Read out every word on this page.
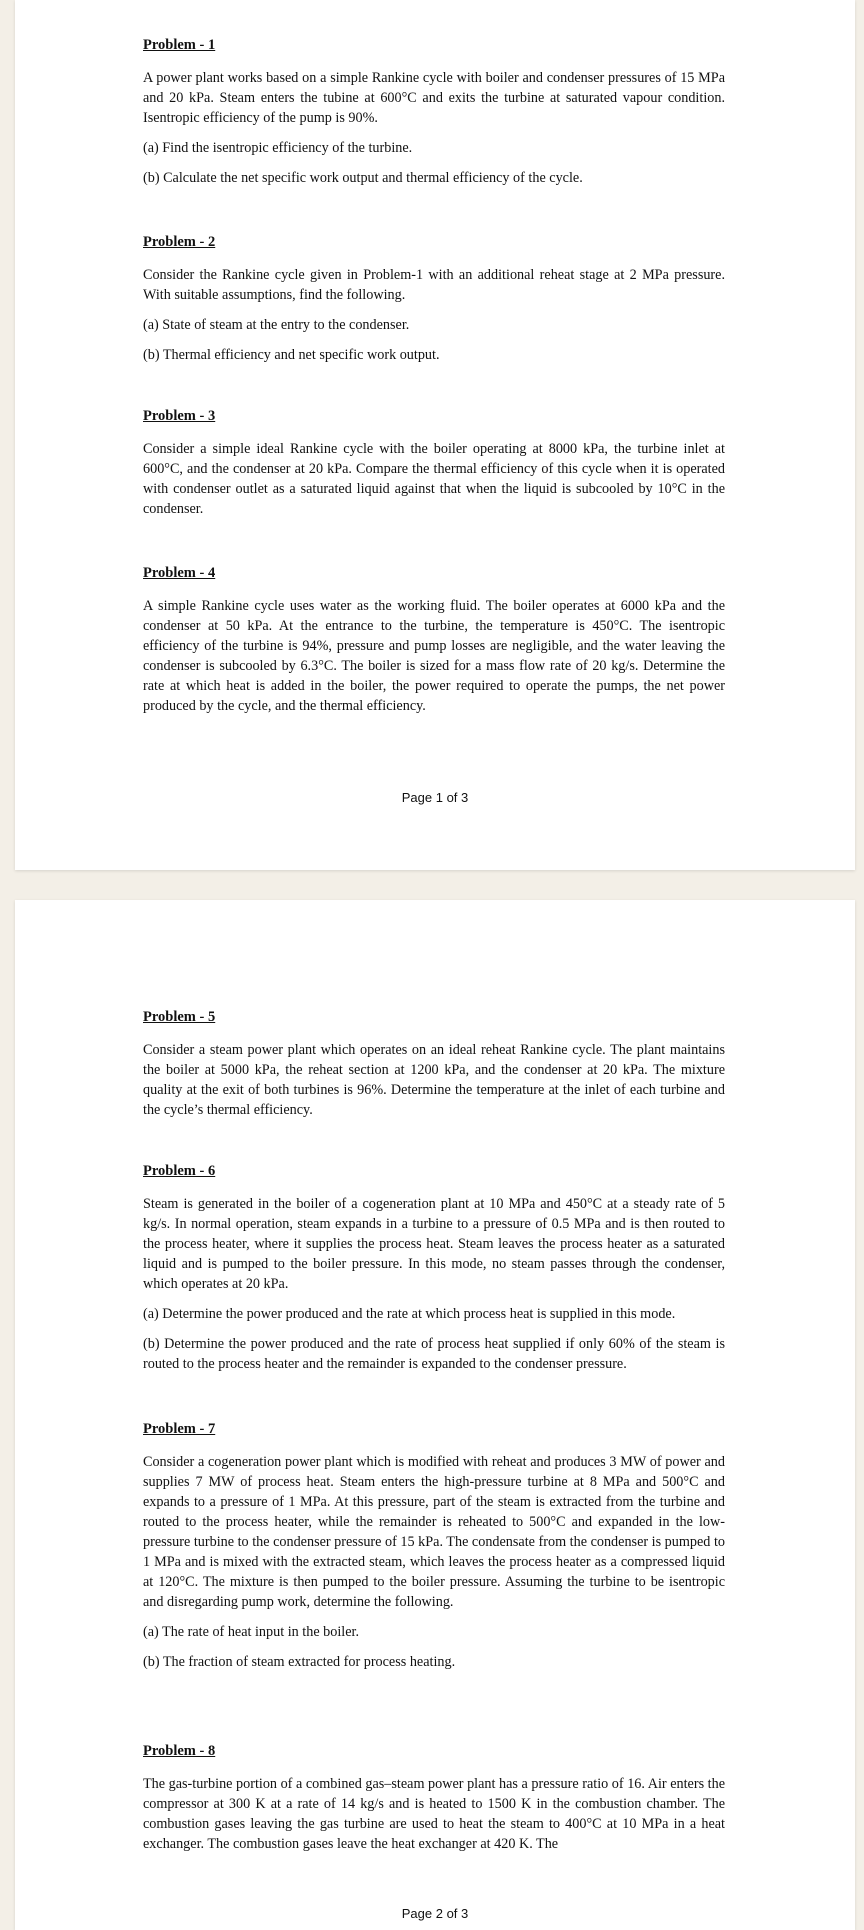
Problem - 1
A power plant works based on a simple Rankine cycle with boiler and condenser pressures of 15 MPa and 20 kPa. Steam enters the tubine at 600°C and exits the turbine at saturated vapour condition. Isentropic efficiency of the pump is 90%.
(a) Find the isentropic efficiency of the turbine.
(b) Calculate the net specific work output and thermal efficiency of the cycle.
Problem - 2
Consider the Rankine cycle given in Problem-1 with an additional reheat stage at 2 MPa pressure. With suitable assumptions, find the following.
(a) State of steam at the entry to the condenser.
(b) Thermal efficiency and net specific work output.
Problem - 3
Consider a simple ideal Rankine cycle with the boiler operating at 8000 kPa, the turbine inlet at 600°C, and the condenser at 20 kPa. Compare the thermal efficiency of this cycle when it is operated with condenser outlet as a saturated liquid against that when the liquid is subcooled by 10°C in the condenser.
Problem - 4
A simple Rankine cycle uses water as the working fluid. The boiler operates at 6000 kPa and the condenser at 50 kPa. At the entrance to the turbine, the temperature is 450°C. The isentropic efficiency of the turbine is 94%, pressure and pump losses are negligible, and the water leaving the condenser is subcooled by 6.3°C. The boiler is sized for a mass flow rate of 20 kg/s. Determine the rate at which heat is added in the boiler, the power required to operate the pumps, the net power produced by the cycle, and the thermal efficiency.
Page 1 of 3
Problem - 5
Consider a steam power plant which operates on an ideal reheat Rankine cycle. The plant maintains the boiler at 5000 kPa, the reheat section at 1200 kPa, and the condenser at 20 kPa. The mixture quality at the exit of both turbines is 96%. Determine the temperature at the inlet of each turbine and the cycle’s thermal efficiency.
Problem - 6
Steam is generated in the boiler of a cogeneration plant at 10 MPa and 450°C at a steady rate of 5 kg/s. In normal operation, steam expands in a turbine to a pressure of 0.5 MPa and is then routed to the process heater, where it supplies the process heat. Steam leaves the process heater as a saturated liquid and is pumped to the boiler pressure. In this mode, no steam passes through the condenser, which operates at 20 kPa.
(a) Determine the power produced and the rate at which process heat is supplied in this mode.
(b) Determine the power produced and the rate of process heat supplied if only 60% of the steam is routed to the process heater and the remainder is expanded to the condenser pressure.
Problem - 7
Consider a cogeneration power plant which is modified with reheat and produces 3 MW of power and supplies 7 MW of process heat. Steam enters the high-pressure turbine at 8 MPa and 500°C and expands to a pressure of 1 MPa. At this pressure, part of the steam is extracted from the turbine and routed to the process heater, while the remainder is reheated to 500°C and expanded in the low-pressure turbine to the condenser pressure of 15 kPa. The condensate from the condenser is pumped to 1 MPa and is mixed with the extracted steam, which leaves the process heater as a compressed liquid at 120°C. The mixture is then pumped to the boiler pressure. Assuming the turbine to be isentropic and disregarding pump work, determine the following.
(a) The rate of heat input in the boiler.
(b) The fraction of steam extracted for process heating.
Problem - 8
The gas-turbine portion of a combined gas–steam power plant has a pressure ratio of 16. Air enters the compressor at 300 K at a rate of 14 kg/s and is heated to 1500 K in the combustion chamber. The combustion gases leaving the gas turbine are used to heat the steam to 400°C at 10 MPa in a heat exchanger. The combustion gases leave the heat exchanger at 420 K. The
Page 2 of 3
